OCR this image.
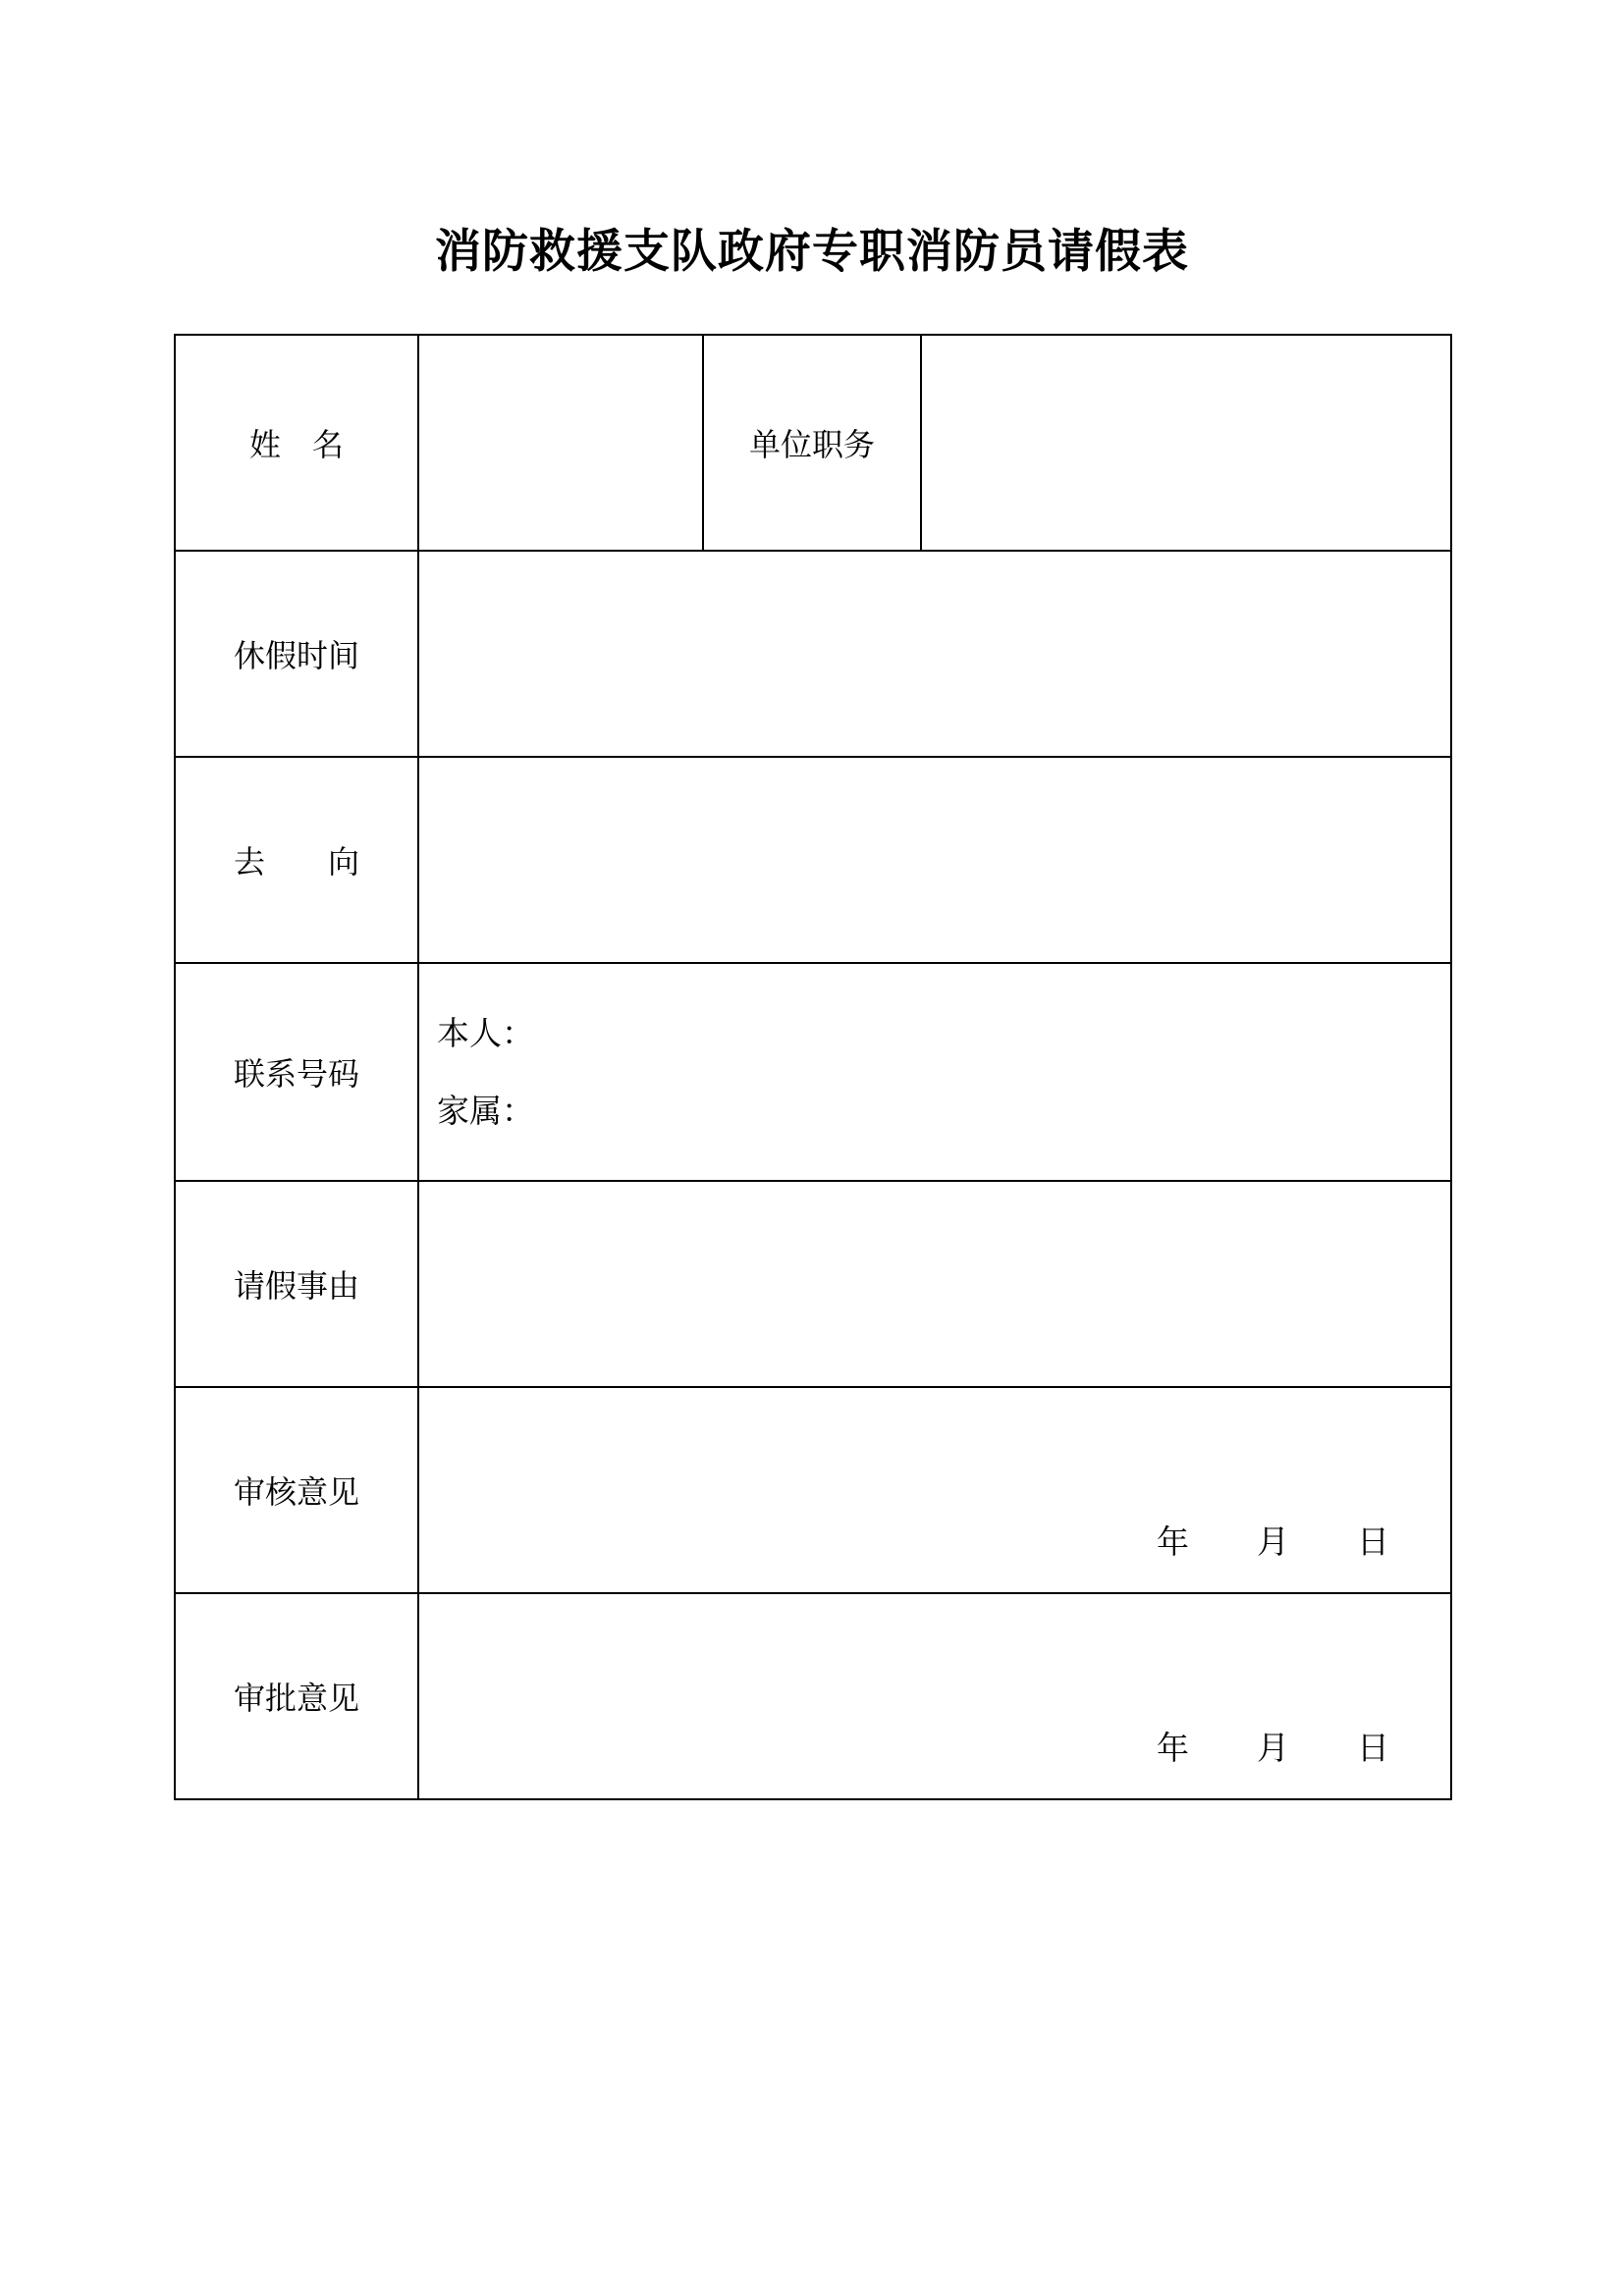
消防救援支队政府专职消防员请假表
姓　名		单位职务	
休假时间			
去　向			
联系号码	本人：
家属：		

请假事由			
审核意见	年　月　日		

审批意见	年　月　日		
